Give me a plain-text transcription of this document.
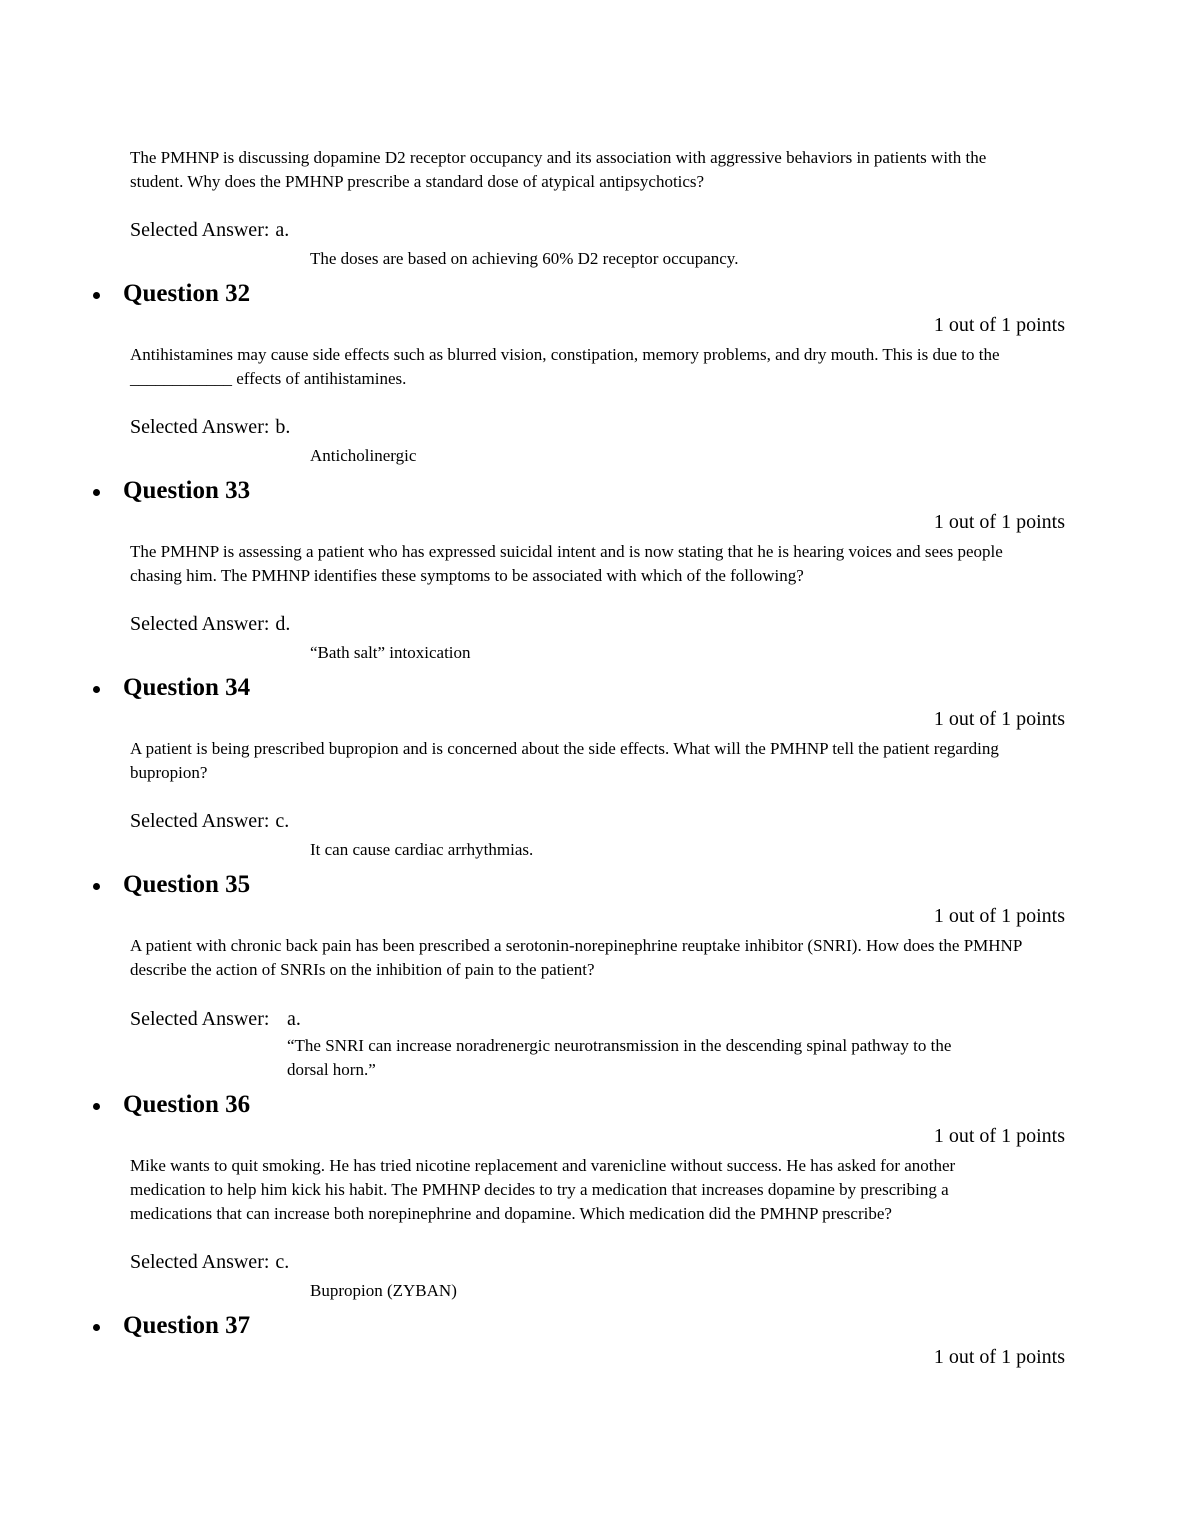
The PMHNP is discussing dopamine D2 receptor occupancy and its association with aggressive behaviors in patients with the student. Why does the PMHNP prescribe a standard dose of atypical antipsychotics?

Selected Answer: a.

The doses are based on achieving 60% D2 receptor occupancy.

Question 32
1 out of 1 points

Antihistamines may cause side effects such as blurred vision, constipation, memory problems, and dry mouth. This is due to the ____________ effects of antihistamines.

Selected Answer: b.

Anticholinergic

Question 33
1 out of 1 points

The PMHNP is assessing a patient who has expressed suicidal intent and is now stating that he is hearing voices and sees people chasing him. The PMHNP identifies these symptoms to be associated with which of the following?

Selected Answer: d.

“Bath salt” intoxication

Question 34
1 out of 1 points

A patient is being prescribed bupropion and is concerned about the side effects. What will the PMHNP tell the patient regarding bupropion?

Selected Answer: c.

It can cause cardiac arrhythmias.

Question 35
1 out of 1 points

A patient with chronic back pain has been prescribed a serotonin-norepinephrine reuptake inhibitor (SNRI). How does the PMHNP describe the action of SNRIs on the inhibition of pain to the patient?

Selected Answer: a.
“The SNRI can increase noradrenergic neurotransmission in the descending spinal pathway to the dorsal horn.”
Question 36
1 out of 1 points

Mike wants to quit smoking. He has tried nicotine replacement and varenicline without success. He has asked for another medication to help him kick his habit. The PMHNP decides to try a medication that increases dopamine by prescribing a medications that can increase both norepinephrine and dopamine. Which medication did the PMHNP prescribe?

Selected Answer: c.

Bupropion (ZYBAN)

Question 37
1 out of 1 points
